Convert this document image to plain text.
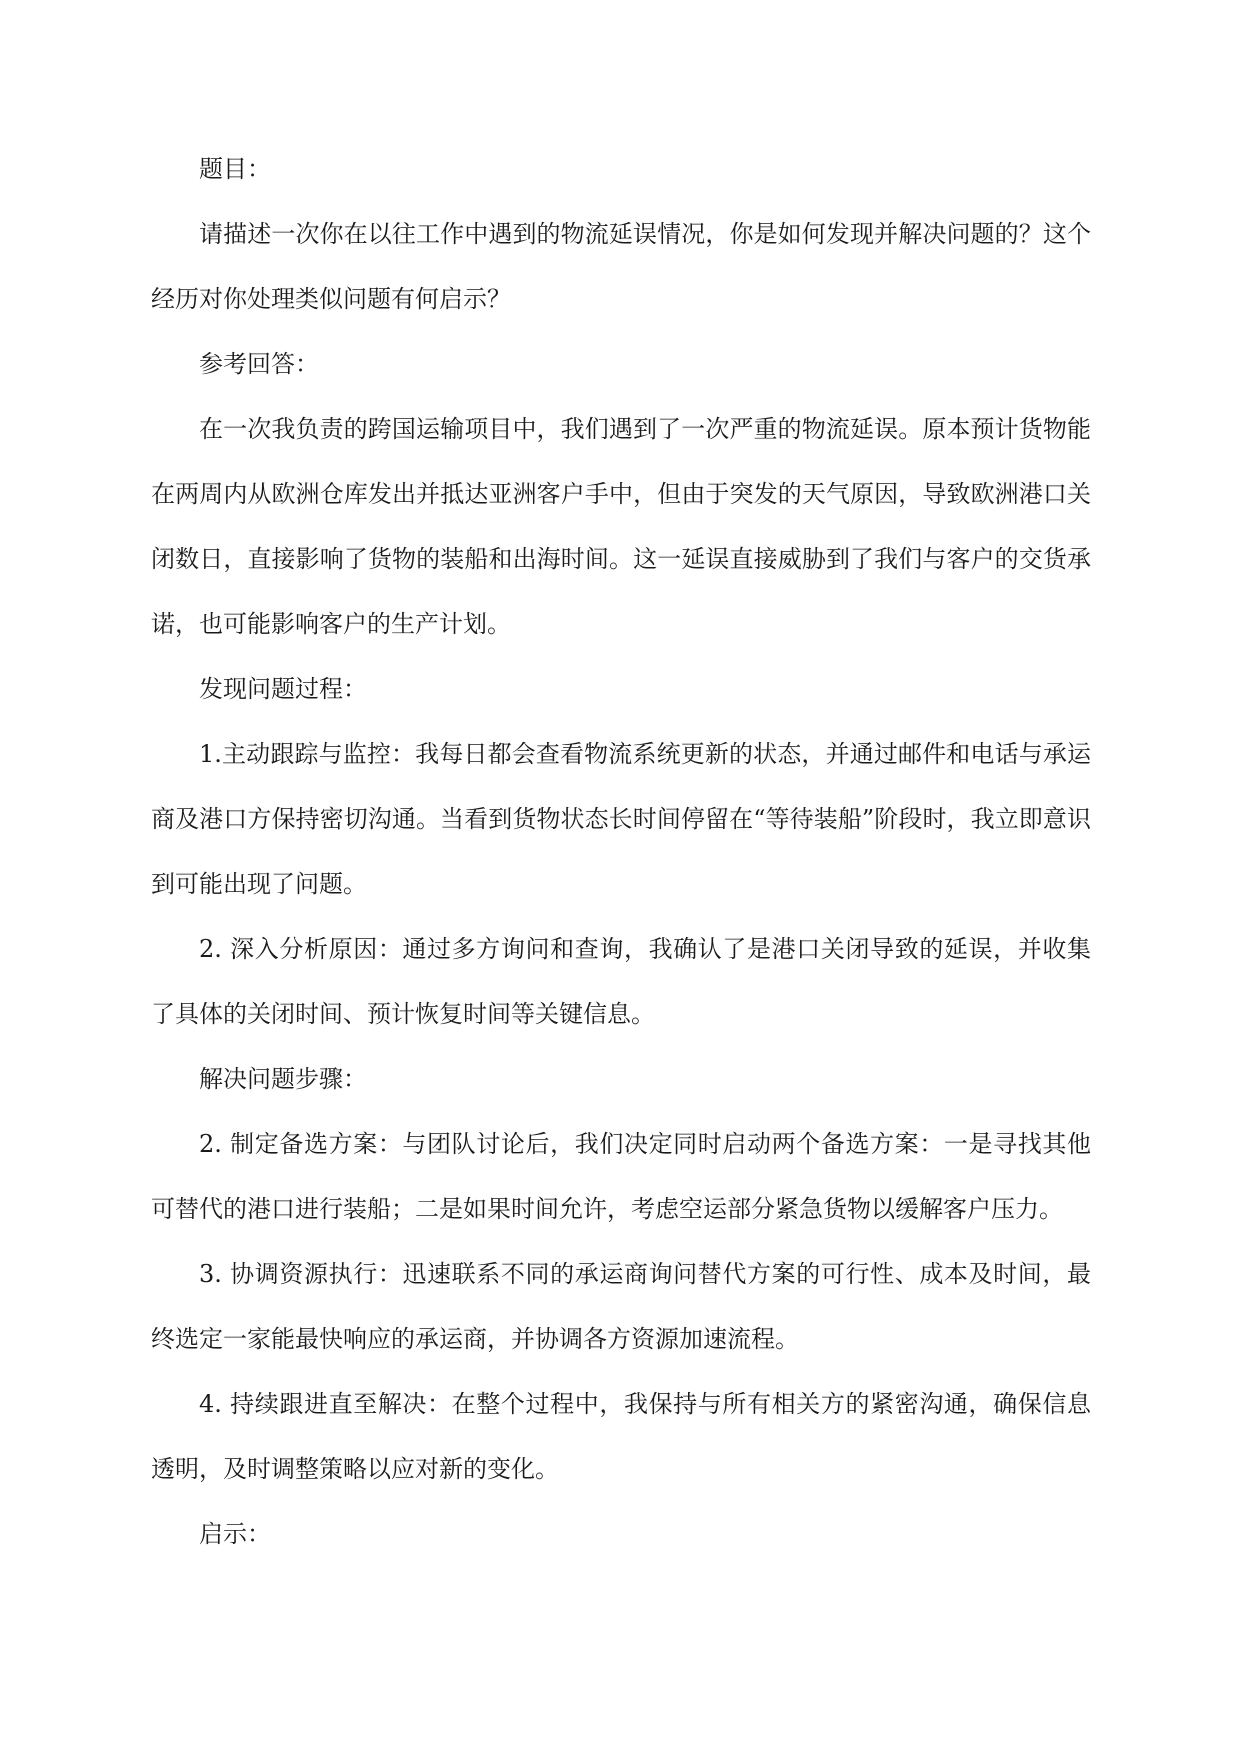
题目：

请描述一次你在以往工作中遇到的物流延误情况，你是如何发现并解决问题的？这个经历对你处理类似问题有何启示？

参考回答：

在一次我负责的跨国运输项目中，我们遇到了一次严重的物流延误。原本预计货物能在两周内从欧洲仓库发出并抵达亚洲客户手中，但由于突发的天气原因，导致欧洲港口关闭数日，直接影响了货物的装船和出海时间。这一延误直接威胁到了我们与客户的交货承诺，也可能影响客户的生产计划。

发现问题过程：

1.主动跟踪与监控：我每日都会查看物流系统更新的状态，并通过邮件和电话与承运商及港口方保持密切沟通。当看到货物状态长时间停留在“等待装船”阶段时，我立即意识到可能出现了问题。

2. 深入分析原因：通过多方询问和查询，我确认了是港口关闭导致的延误，并收集了具体的关闭时间、预计恢复时间等关键信息。

解决问题步骤：

2. 制定备选方案：与团队讨论后，我们决定同时启动两个备选方案：一是寻找其他可替代的港口进行装船；二是如果时间允许，考虑空运部分紧急货物以缓解客户压力。

3. 协调资源执行：迅速联系不同的承运商询问替代方案的可行性、成本及时间，最终选定一家能最快响应的承运商，并协调各方资源加速流程。

4. 持续跟进直至解决：在整个过程中，我保持与所有相关方的紧密沟通，确保信息透明，及时调整策略以应对新的变化。

启示：
